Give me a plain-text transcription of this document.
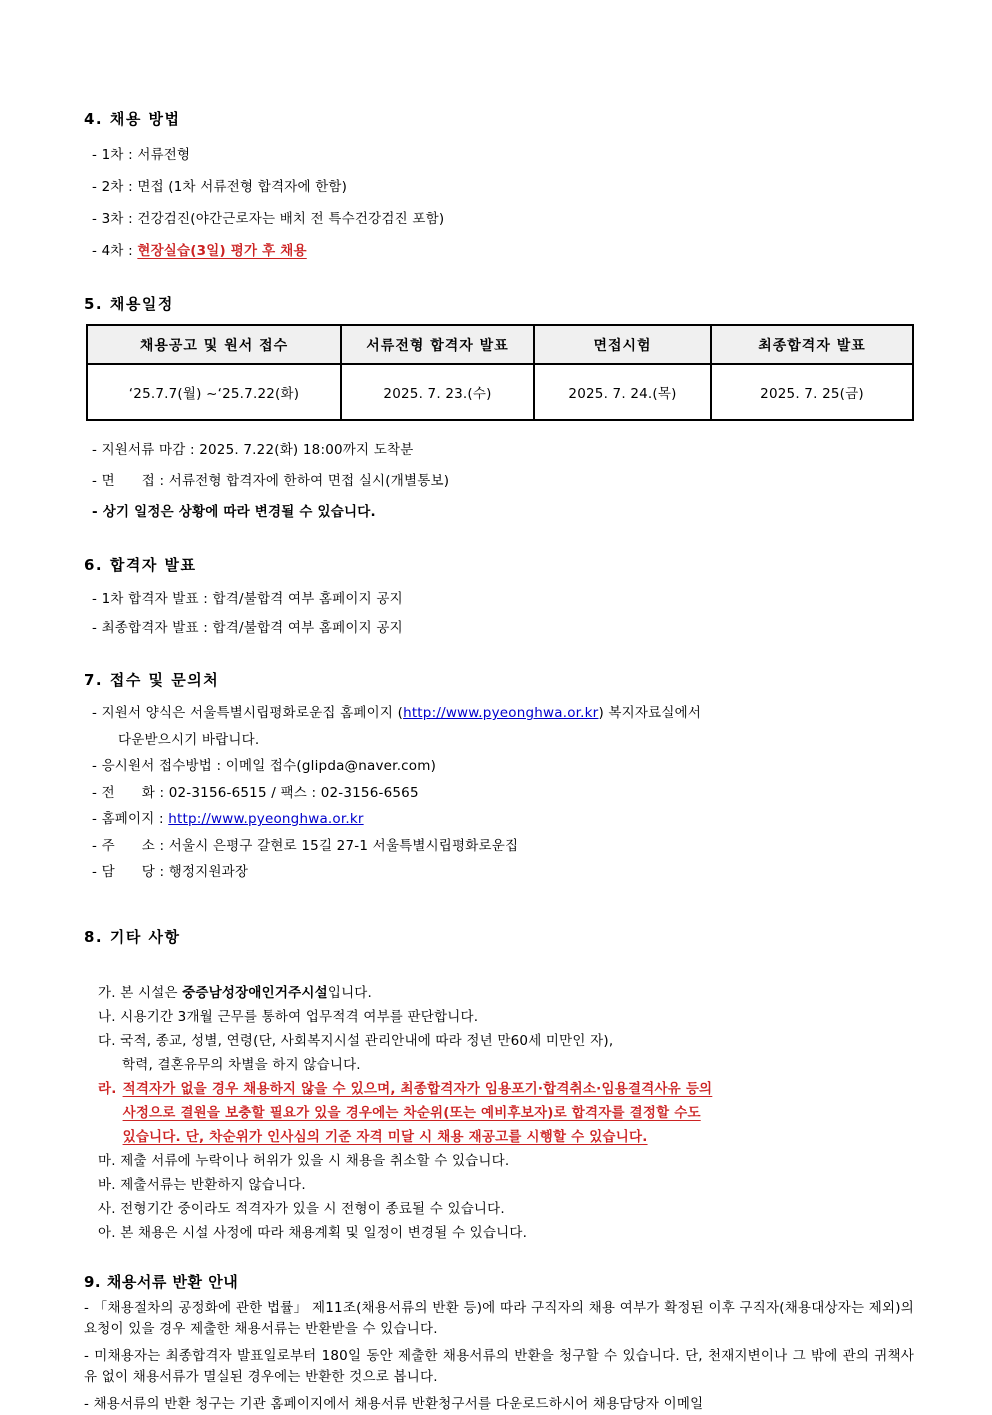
4. 채용 방법
- 1차 : 서류전형
- 2차 : 면접 (1차 서류전형 합격자에 한함)
- 3차 : 건강검진(야간근로자는 배치 전 특수건강검진 포함)
- 4차 : 현장실습(3일) 평가 후 채용
5. 채용일정
채용공고 및 원서 접수	서류전형 합격자 발표	면접시험	최종합격자 발표
‘25.7.7(월) ~‘25.7.22(화)	2025. 7. 23.(수)	2025. 7. 24.(목)	2025. 7. 25(금)
- 지원서류 마감 : 2025. 7.22(화) 18:00까지 도착분
- 면      접 : 서류전형 합격자에 한하여 면접 실시(개별통보)
- 상기 일정은 상황에 따라 변경될 수 있습니다.
6. 합격자 발표
- 1차 합격자 발표 : 합격/불합격 여부 홈페이지 공지
- 최종합격자 발표 : 합격/불합격 여부 홈페이지 공지
7. 접수 및 문의처
- 지원서 양식은 서울특별시립평화로운집 홈페이지 (http://www.pyeonghwa.or.kr) 복지자료실에서
다운받으시기 바랍니다.
- 응시원서 접수방법 : 이메일 접수(glipda@naver.com)
- 전      화 : 02-3156-6515 / 팩스 : 02-3156-6565
- 홈페이지 : http://www.pyeonghwa.or.kr
- 주      소 : 서울시 은평구 갈현로 15길 27-1 서울특별시립평화로운집
- 담      당 : 행정지원과장
8. 기타 사항
가. 본 시설은 중증남성장애인거주시설입니다.
나. 시용기간 3개월 근무를 통하여 업무적격 여부를 판단합니다.
다. 국적, 종교, 성별, 연령(단, 사회복지시설 관리안내에 따라 정년 만60세 미만인 자),
학력, 결혼유무의 차별을 하지 않습니다.
라. 적격자가 없을 경우 채용하지 않을 수 있으며, 최종합격자가 임용포기·합격취소·임용결격사유 등의
사정으로 결원을 보충할 필요가 있을 경우에는 차순위(또는 예비후보자)로 합격자를 결정할 수도
있습니다. 단, 차순위가 인사심의 기준 자격 미달 시 채용 재공고를 시행할 수 있습니다.
마. 제출 서류에 누락이나 허위가 있을 시 채용을 취소할 수 있습니다.
바. 제출서류는 반환하지 않습니다.
사. 전형기간 중이라도 적격자가 있을 시 전형이 종료될 수 있습니다.
아. 본 채용은 시설 사정에 따라 채용계획 및 일정이 변경될 수 있습니다.
9. 채용서류 반환 안내

- 「채용절차의 공정화에 관한 법률」 제11조(채용서류의 반환 등)에 따라 구직자의 채용 여부가 확정된 이후 구직자(채용대상자는 제외)의 요청이 있을 경우 제출한 채용서류는 반환받을 수 있습니다.

- 미채용자는 최종합격자 발표일로부터 180일 동안 제출한 채용서류의 반환을 청구할 수 있습니다. 단, 천재지변이나 그 밖에 관의 귀책사유 없이 채용서류가 멸실된 경우에는 반환한 것으로 봅니다.

- 채용서류의 반환 청구는 기관 홈페이지에서 채용서류 반환청구서를 다운로드하시어 채용담당자 이메일
